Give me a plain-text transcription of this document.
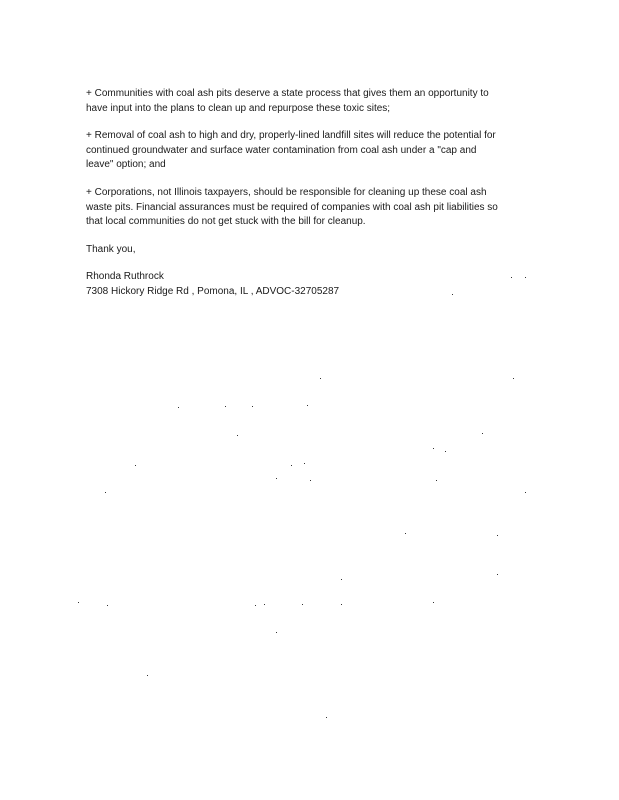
+ Communities with coal ash pits deserve a state process that gives them an opportunity to
have input into the plans to clean up and repurpose these toxic sites;

+ Removal of coal ash to high and dry, properly-lined landfill sites will reduce the potential for
continued groundwater and surface water contamination from coal ash under a "cap and
leave" option; and

+ Corporations, not Illinois taxpayers, should be responsible for cleaning up these coal ash
waste pits. Financial assurances must be required of companies with coal ash pit liabilities so
that local communities do not get stuck with the bill for cleanup.

Thank you,

Rhonda Ruthrock
7308 Hickory Ridge Rd , Pomona, IL , ADVOC-32705287
